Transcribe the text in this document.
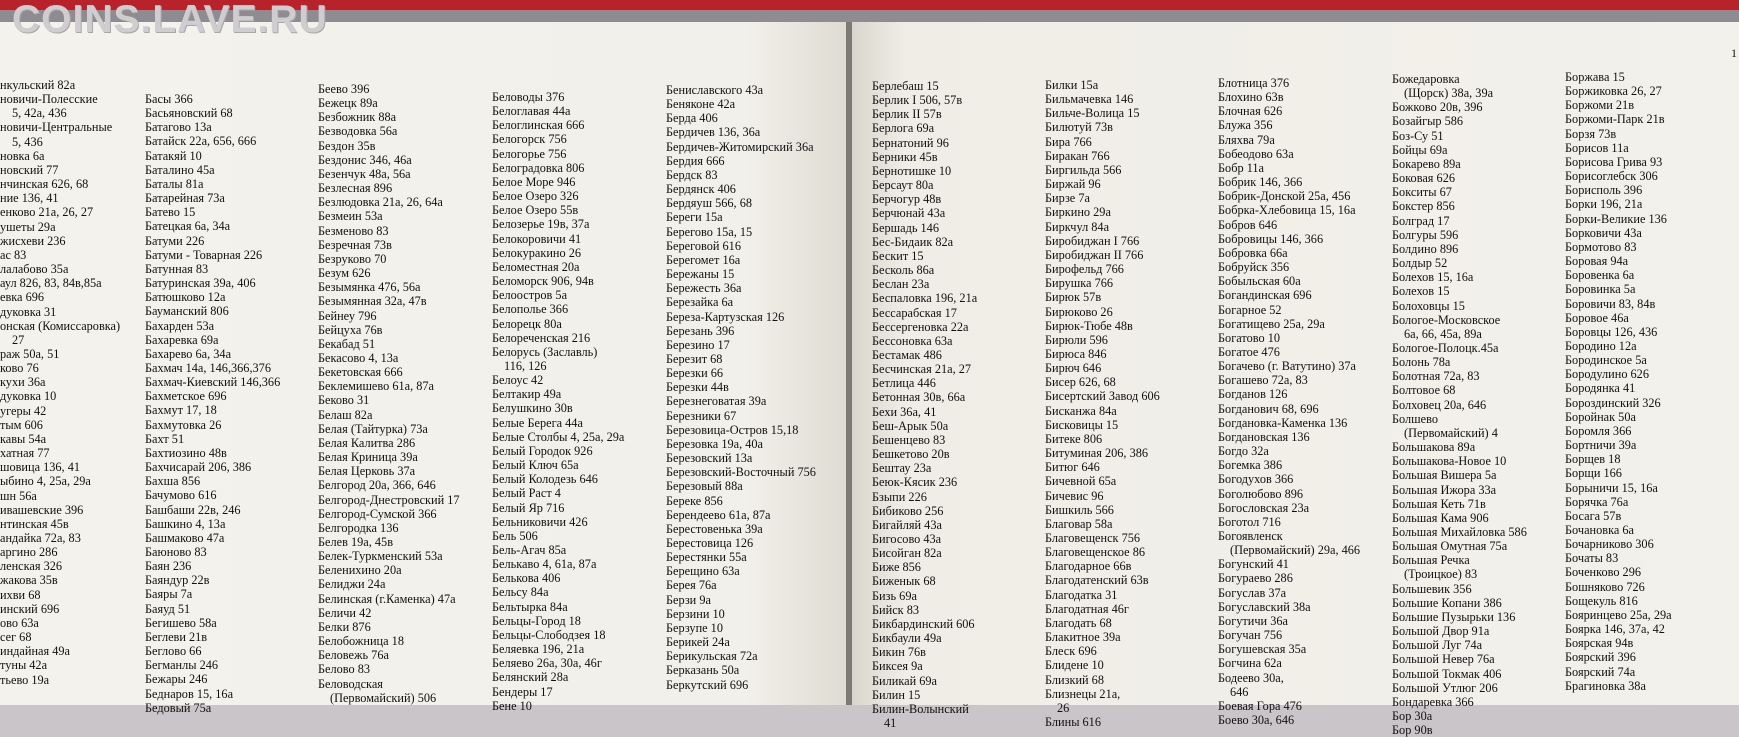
COINS.LAVE.RU
1
нкульский 82а
новичи-Полесские
5, 42а, 436
новичи-Центральные
5, 436
новка 6а
новский 77
нчинская 626, 68
ние 136, 41
енково 21а, 26, 27
ушеты 29а
жисхеви 236
ас 83
лалабово 35а
аул 826, 83, 84в,85а
евка 696
дуковка 31
онская (Комиссаровка)
27
раж 50а, 51
ково 76
кухи 36а
дуковка 10
угеры 42
тым 606
кавы 54а
хатная 77
шовица 136, 41
ыбино 4, 25а, 29а
шн 56а
ивашевские 396
нтинская 45в
андайка 72а, 83
аргино 286
ленская 326
жакова 35в
ихви 68
инский 696
ово 63а
сег 68
индайная 49а
туны 42а
тьево 19а
Басы 366
Басьяновский 68
Батагово 13а
Батайск 22а, 656, 666
Батакяй 10
Баталино 45а
Баталы 81а
Батарейная 73а
Батево 15
Батецкая 6а, 34а
Батуми 226
Батуми - Товарная 226
Батунная 83
Батуринская 39а, 406
Батюшково 12а
Бауманский 806
Бахарден 53а
Бахаревка 69а
Бахарево 6а, 34а
Бахмач 14а, 146,366,376
Бахмач-Киевский 146,366
Бахметское 696
Бахмут 17, 18
Бахмутовка 26
Бахт 51
Бахтиозино 48в
Бахчисарай 206, 386
Бахша 856
Бачумово 616
Башбаши 22в, 246
Башкино 4, 13а
Башмаково 47а
Баюново 83
Баян 236
Баяндур 22в
Баяры 7а
Баяуд 51
Бегишево 58а
Беглеви 21в
Беглово 66
Бегманлы 246
Бежары 246
Беднаров 15, 16а
Бедовый 75а
Беево 396
Бежецк 89а
Безбожник 88а
Безводовка 56а
Бездон 35в
Бездонис 346, 46а
Безенчук 48а, 56а
Безлесная 896
Безлюдовка 21а, 26, 64а
Безмеин 53а
Безменово 83
Безречная 73в
Безруково 70
Безум 626
Безымянка 476, 56а
Безымянная 32а, 47в
Бейнеу 796
Бейцуха 76в
Бекабад 51
Бекасово 4, 13а
Бекетовская 666
Беклемишево 61а, 87а
Беково 31
Белаш 82а
Белая (Тайтурка) 73а
Белая Калитва 286
Белая Криница 39а
Белая Церковь 37а
Белгород 20а, 366, 646
Белгород-Днестровский 17
Белгород-Сумской 366
Белгородка 136
Белев 19а, 45в
Белек-Туркменский 53а
Беленихино 20а
Белиджи 24а
Белинская (г.Каменка) 47а
Беличи 42
Белки 876
Белобожница 18
Беловежь 76а
Белово 83
Беловодская
(Первомайский) 506
Беловоды 376
Белоглавая 44а
Белоглинская 666
Белогорск 756
Белогорье 756
Белоградовка 806
Белое Море 946
Белое Озеро 326
Белое Озеро 55в
Белозерье 19в, 37а
Белокоровичи 41
Белокуракино 26
Беломестная 20а
Беломорск 906, 94в
Белоостров 5а
Белополье 366
Белорецк 80а
Белореченская 216
Белорусь (Заславль)
116, 126
Белоус 42
Белтакир 49а
Белушкино 30в
Белые Берега 44а
Белые Столбы 4, 25а, 29а
Белый Городок 926
Белый Ключ 65а
Белый Колодезь 646
Белый Раст 4
Белый Яр 716
Бельниковичи 426
Бель 506
Бель-Агач 85а
Белькаво 4, 61а, 87а
Белькова 406
Бельсу 84а
Бельтырка 84а
Бельцы-Город 18
Бельцы-Слободзея 18
Беляевка 196, 21а
Беляево 26а, 30а, 46г
Белянский 28а
Бендеры 17
Бене 10
Бениславского 43а
Беняконе 42а
Берда 406
Бердичев 136, 36а
Бердичев-Житомирский 36а
Бердия 666
Бердск 83
Бердянск 406
Бердяуш 566, 68
Береги 15а
Берегово 15а, 15
Береговой 616
Берегомет 16а
Бережаны 15
Бережесть 36а
Березайка 6а
Береза-Картузская 126
Березань 396
Березино 17
Березит 68
Березки 66
Березки 44в
Березнеговатая 39а
Березники 67
Березовица-Остров 15,18
Березовка 19а, 40а
Березовский 13а
Березовский-Восточный 756
Березовый 88а
Береке 856
Берендеево 61а, 87а
Берестовенька 39а
Берестовица 126
Берестянки 55а
Берещино 63а
Берея 76а
Берзи 9а
Берзини 10
Берзупе 10
Берикей 24а
Берикульская 72а
Берказань 50а
Беркутский 696
Берлебаш 15
Берлик I 506, 57в
Берлик II 57в
Берлога 69а
Бернатоний 96
Берники 45в
Бернотишке 10
Берсаут 80а
Берчогур 48в
Берчюнай 43а
Бершадь 146
Бес-Бидаик 82а
Бескит 15
Бесколь 86а
Беслан 23а
Беспаловка 196, 21а
Бессарабская 17
Бессергеновка 22а
Бессоновка 63а
Бестамак 486
Бесчинская 21а, 27
Бетлица 446
Бетонная 30в, 66а
Бехи 36а, 41
Беш-Арык 50а
Бешенцево 83
Бешкетово 20в
Бештау 23а
Беюк-Кясик 236
Бзыпи 226
Бибиково 256
Бигайляй 43а
Бигосово 43а
Бисойган 82а
Биже 856
Биженык 68
Бизь 69а
Бийск 83
Бикбардинский 606
Бикбаули 49а
Бикин 76в
Биксея 9а
Биликай 69а
Билин 15
Билин-Волынский
41
Билки 15а
Бильмачевка 146
Бильче-Волица 15
Билютуй 73в
Бира 766
Биракан 766
Биргильда 566
Биржай 96
Бирзе 7а
Биркино 29а
Биркчул 84а
Биробиджан I 766
Биробиджан II 766
Бирофельд 766
Бирушка 766
Бирюк 57в
Бирюково 26
Бирюк-Тюбе 48в
Бирюли 596
Бирюса 846
Бирюч 646
Бисер 626, 68
Бисертский Завод 606
Бисканжа 84а
Бисковицы 15
Битеке 806
Битуминая 206, 386
Битюг 646
Бичевной 65а
Бичевис 96
Бишкиль 566
Благовар 58а
Благовещенск 756
Благовещенское 86
Благодарное 66в
Благодатенский 63в
Благодатка 31
Благодатная 46г
Благодать 68
Блакитное 39а
Блеск 696
Блидене 10
Близкий 68
Близнецы 21а,
26
Блины 616
Блотница 376
Блохино 63в
Блочная 626
Блужа 356
Бляхва 79а
Бобеодово 63а
Бобр 11а
Бобрик 146, 366
Бобрик-Донской 25а, 456
Бобрка-Хлебовица 15, 16а
Бобров 646
Бобровицы 146, 366
Бобровка 66а
Бобруйск 356
Бобыльская 60а
Богандинская 696
Богарное 52
Богатищево 25а, 29а
Богатово 10
Богатое 476
Богачево (г. Ватутино) 37а
Богашево 72а, 83
Богданов 126
Богданович 68, 696
Богдановка-Каменка 136
Богдановская 136
Богдо 32а
Богемка 386
Богодухов 366
Боголюбово 896
Богословская 23а
Боготол 716
Богоявленск
(Первомайский) 29а, 466
Богунский 41
Богураево 286
Богуслав 37а
Богуславский 38а
Богутичи 36а
Богучан 756
Богушевская 35а
Богчина 62а
Бодеево 30а,
646
Боевая Гора 476
Боево 30а, 646
Божедаровка
(Щорск) 38а, 39а
Божково 20в, 396
Бозайгыр 586
Боз-Су 51
Бойцы 69а
Бокарево 89а
Боковая 626
Бокситы 67
Бокстер 856
Болград 17
Болгуры 596
Болдино 896
Болдыр 52
Болехов 15, 16а
Болехов 15
Болоховцы 15
Бологое-Московское
6а, 66, 45а, 89а
Бологое-Полоцк.45а
Болонь 78а
Болотная 72а, 83
Болтовое 68
Болховец 20а, 646
Болшево
(Первомайский) 4
Большакова 89а
Большакова-Новое 10
Большая Вишера 5а
Большая Ижора 33а
Большая Кеть 71в
Большая Кама 906
Большая Михайловка 586
Большая Омутная 75а
Большая Речка
(Троицкое) 83
Большевик 356
Большие Копани 386
Большие Пузырьки 136
Большой Двор 91а
Большой Луг 74а
Большой Невер 76а
Большой Токмак 406
Большой Утлюг 206
Бондаревка 366
Бор 30а
Бор 90в
Боржава 15
Боржиковка 26, 27
Боржоми 21в
Боржоми-Парк 21в
Борзя 73в
Борисов 11а
Борисова Грива 93
Борисоглебск 306
Борисполь 396
Борки 196, 21а
Борки-Великие 136
Борковичи 43а
Бормотово 83
Боровая 94а
Боровенка 6а
Боровинка 5а
Боровичи 83, 84в
Боровое 46а
Боровцы 126, 436
Бородино 12а
Бородинское 5а
Бородулино 626
Бородянка 41
Бороздинский 326
Боройнак 50а
Боромля 366
Бортничи 39а
Борщев 18
Борщи 166
Борыничи 15, 16а
Борячка 76а
Босага 57в
Бочановка 6а
Бочарниково 306
Бочаты 83
Боченково 296
Бошняково 726
Бощекуль 816
Бояринцево 25а, 29а
Боярка 146, 37а, 42
Боярская 94в
Боярский 396
Боярский 74а
Брагиновка 38а
